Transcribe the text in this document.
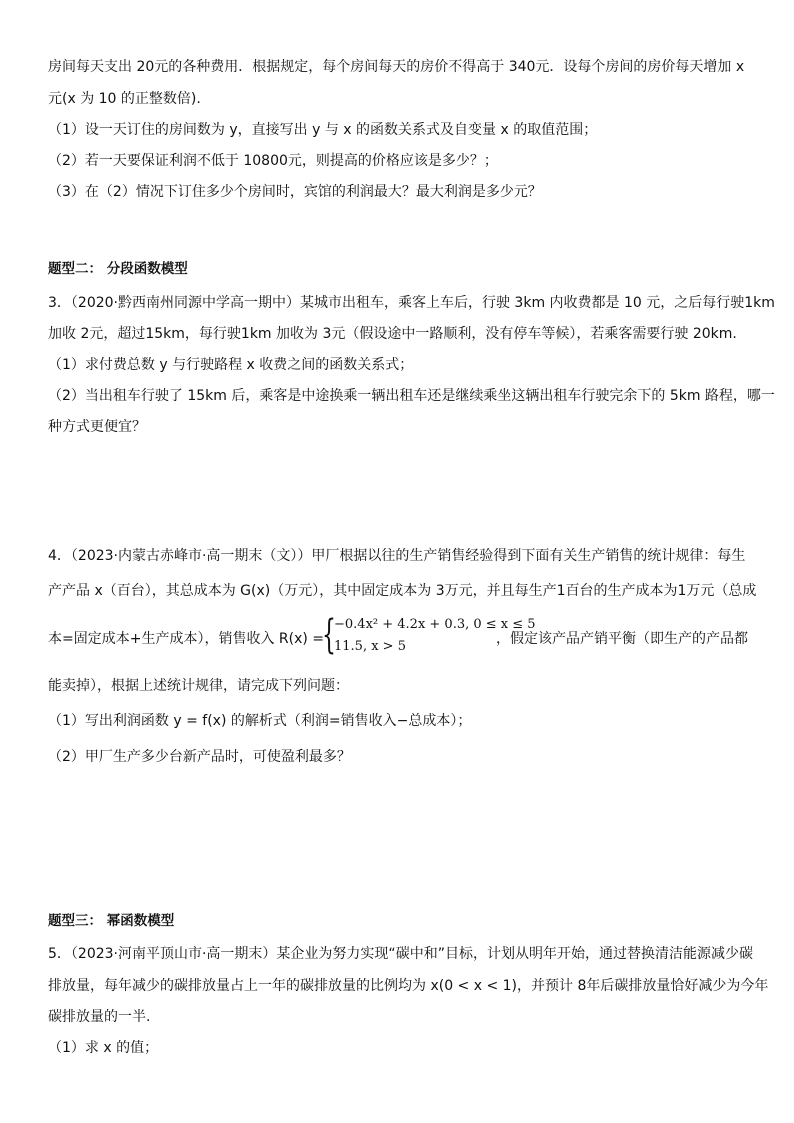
房间每天支出 20元的各种费用．根据规定，每个房间每天的房价不得高于 340元．设每个房间的房价每天增加 x
元(x 为 10 的正整数倍).
（1）设一天订住的房间数为 y，直接写出 y 与 x 的函数关系式及自变量 x 的取值范围；
（2）若一天要保证利润不低于 10800元，则提高的价格应该是多少？；
（3）在（2）情况下订住多少个房间时，宾馆的利润最大？最大利润是多少元？
题型二： 分段函数模型
3．（2020·黔西南州同源中学高一期中）某城市出租车，乘客上车后，行驶 3km 内收费都是 10 元，之后每行驶1km
加收 2元，超过15km，每行驶1km 加收为 3元（假设途中一路顺利，没有停车等候），若乘客需要行驶 20km.
（1）求付费总数 y 与行驶路程 x 收费之间的函数关系式；
（2）当出租车行驶了 15km 后，乘客是中途换乘一辆出租车还是继续乘坐这辆出租车行驶完余下的 5km 路程，哪一
种方式更便宜？
4．（2023·内蒙古赤峰市·高一期末（文））甲厂根据以往的生产销售经验得到下面有关生产销售的统计规律：每生
产产品 x（百台），其总成本为 G(x)（万元），其中固定成本为 3万元，并且每生产1百台的生产成本为1万元（总成
本=固定成本+生产成本），销售收入 R(x) =
{
−0.4x² + 4.2x + 0.3, 0 ≤ x ≤ 5
11.5, x > 5	，假定该产品产销平衡（即生产的产品都
能卖掉），根据上述统计规律，请完成下列问题：
（1）写出利润函数 y = f(x) 的解析式（利润=销售收入−总成本）；
（2）甲厂生产多少台新产品时，可使盈利最多？
题型三： 幂函数模型
5．（2023·河南平顶山市·高一期末）某企业为努力实现“碳中和”目标，计划从明年开始，通过替换清洁能源减少碳
排放量，每年减少的碳排放量占上一年的碳排放量的比例均为 x(0 < x < 1)，并预计 8年后碳排放量恰好减少为今年
碳排放量的一半.
（1）求 x 的值；
